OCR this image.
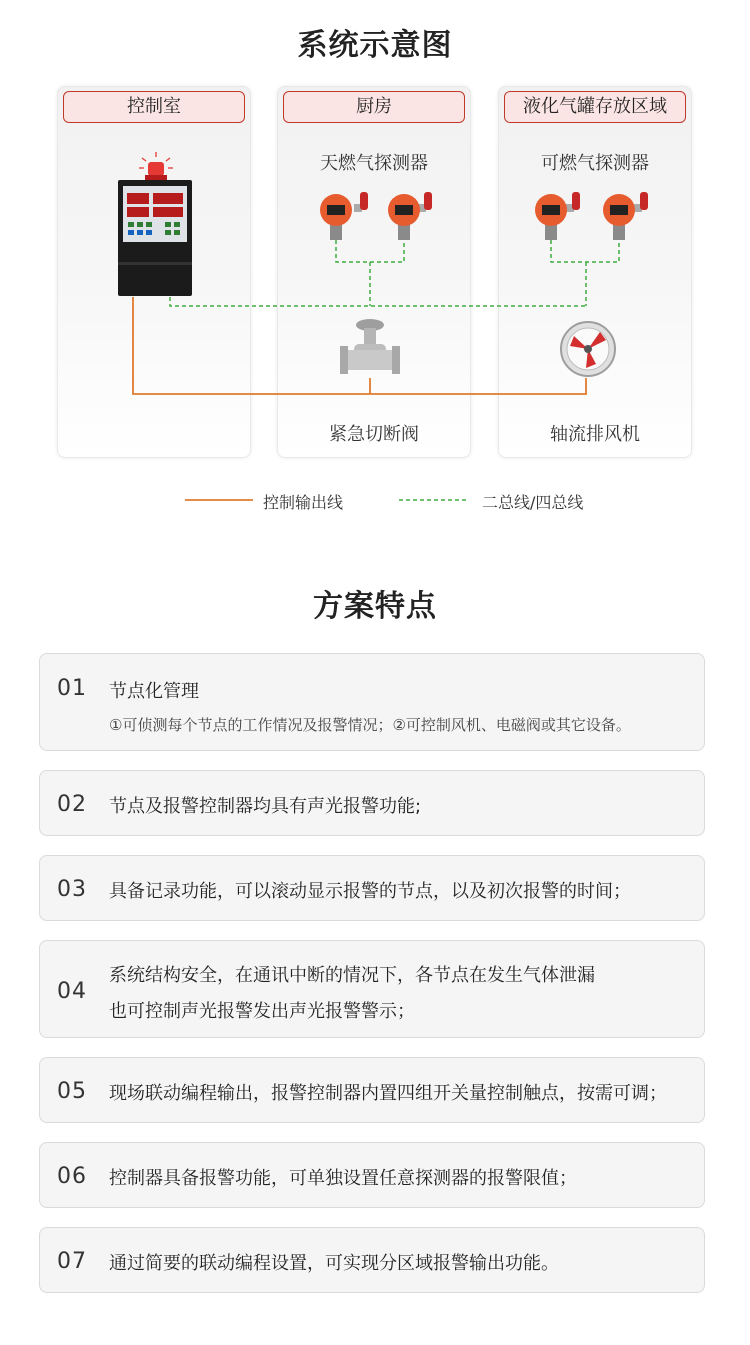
系统示意图
控制室	厨房
天燃气探测器
紧急切断阀
液化气罐存放区域
可燃气探测器
轴流排风机
控制输出线	二总线/四总线
方案特点
01 节点化管理
①可侦测每个节点的工作情况及报警情况；②可控制风机、电磁阀或其它设备。
02 节点及报警控制器均具有声光报警功能;
03 具备记录功能，可以滚动显示报警的节点，以及初次报警的时间；
04
系统结构安全，在通讯中断的情况下，各节点在发生气体泄漏
也可控制声光报警发出声光报警警示；
05 现场联动编程输出，报警控制器内置四组开关量控制触点，按需可调；
06 控制器具备报警功能，可单独设置任意探测器的报警限值；
07 通过简要的联动编程设置，可实现分区域报警输出功能。
